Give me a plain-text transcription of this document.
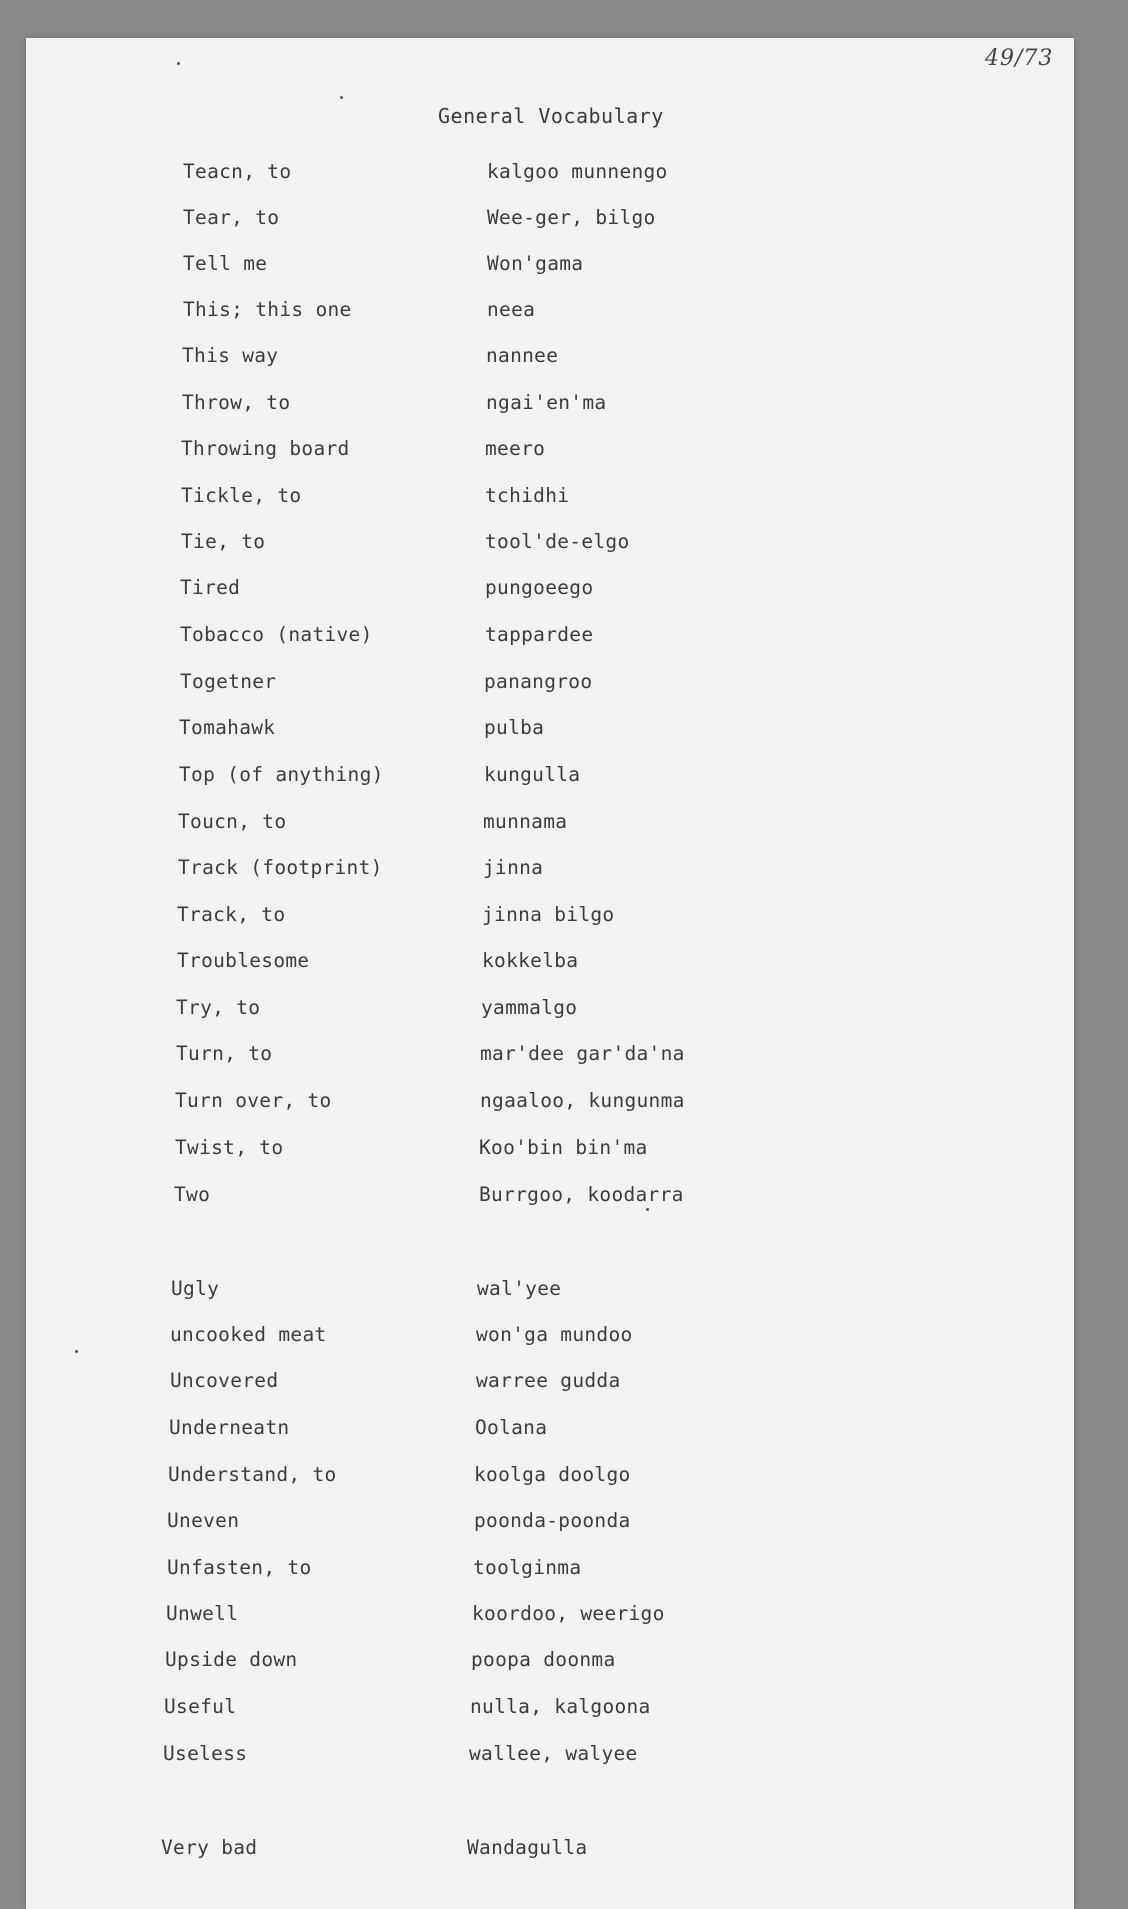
49/73
General Vocabulary
Teacn, to	kalgoo munnengo
Tear, to	Wee-ger, bilgo
Tell me	Won'gama
This; this one	neea
This way	nannee
Throw, to	ngai'en'ma
Throwing board	meero
Tickle, to	tchidhi
Tie, to	tool'de-elgo
Tired	pungoeego
Tobacco (native)	tappardee
Togetner	panangroo
Tomahawk	pulba
Top (of anything)	kungulla
Toucn, to	munnama
Track (footprint)	jinna
Track, to	jinna bilgo
Troublesome	kokkelba
Try, to	yammalgo
Turn, to	mar'dee gar'da'na
Turn over, to	ngaaloo, kungunma
Twist, to	Koo'bin bin'ma
Two	Burrgoo, koodarra
Ugly	wal'yee
uncooked meat	won'ga mundoo
Uncovered	warree gudda
Underneatn	Oolana
Understand, to	koolga doolgo
Uneven	poonda-poonda
Unfasten, to	toolginma
Unwell	koordoo, weerigo
Upside down	poopa doonma
Useful	nulla, kalgoona
Useless	wallee, walyee
Very bad	Wandagulla
